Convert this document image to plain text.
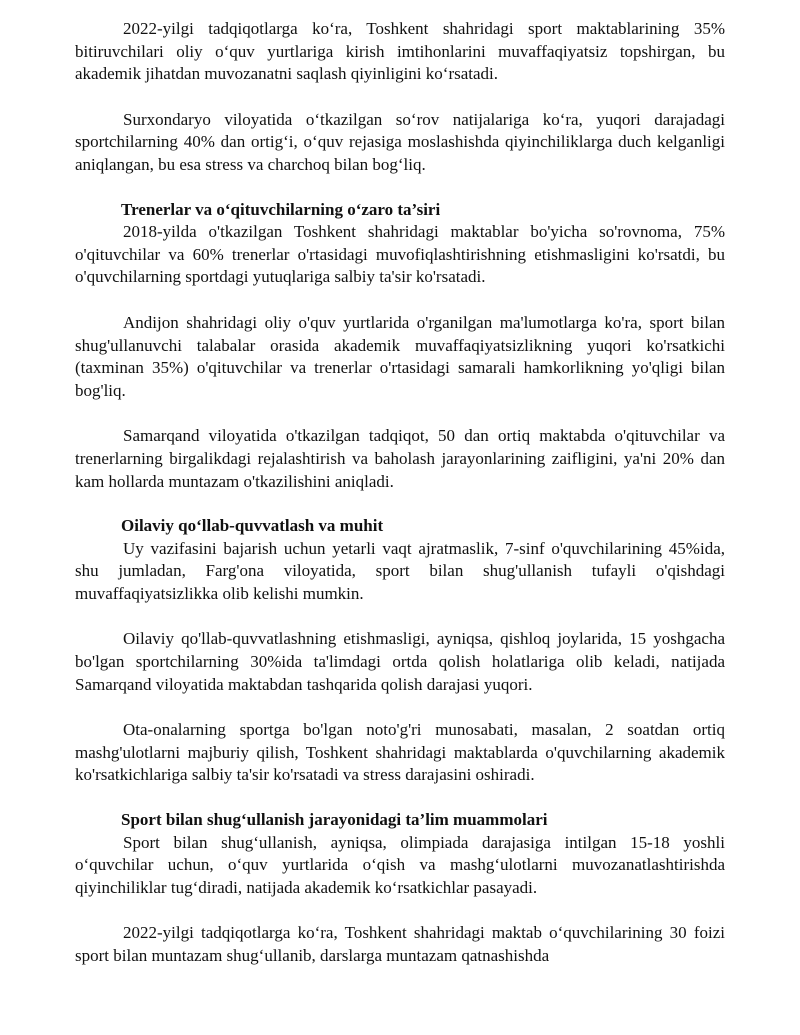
2022-yilgi tadqiqotlarga ko‘ra, Toshkent shahridagi sport maktablarining 35% bitiruvchilari oliy o‘quv yurtlariga kirish imtihonlarini muvaffaqiyatsiz topshirgan, bu akademik jihatdan muvozanatni saqlash qiyinligini ko‘rsatadi.

Surxondaryo viloyatida o‘tkazilgan so‘rov natijalariga ko‘ra, yuqori darajadagi sportchilarning 40% dan ortig‘i, o‘quv rejasiga moslashishda qiyinchiliklarga duch kelganligi aniqlangan, bu esa stress va charchoq bilan bog‘liq.

Trenerlar va o‘qituvchilarning o‘zaro ta’siri

2018-yilda o'tkazilgan Toshkent shahridagi maktablar bo'yicha so'rovnoma, 75% o'qituvchilar va 60% trenerlar o'rtasidagi muvofiqlashtirishning etishmasligini ko'rsatdi, bu o'quvchilarning sportdagi yutuqlariga salbiy ta'sir ko'rsatadi.

Andijon shahridagi oliy o'quv yurtlarida o'rganilgan ma'lumotlarga ko'ra, sport bilan shug'ullanuvchi talabalar orasida akademik muvaffaqiyatsizlikning yuqori ko'rsatkichi (taxminan 35%) o'qituvchilar va trenerlar o'rtasidagi samarali hamkorlikning yo'qligi bilan bog'liq.

Samarqand viloyatida o'tkazilgan tadqiqot, 50 dan ortiq maktabda o'qituvchilar va trenerlarning birgalikdagi rejalashtirish va baholash jarayonlarining zaifligini, ya'ni 20% dan kam hollarda muntazam o'tkazilishini aniqladi.

Oilaviy qo‘llab-quvvatlash va muhit

Uy vazifasini bajarish uchun yetarli vaqt ajratmaslik, 7-sinf o'quvchilarining 45%ida, shu jumladan, Farg'ona viloyatida, sport bilan shug'ullanish tufayli o'qishdagi muvaffaqiyatsizlikka olib kelishi mumkin.

Oilaviy qo'llab-quvvatlashning etishmasligi, ayniqsa, qishloq joylarida, 15 yoshgacha bo'lgan sportchilarning 30%ida ta'limdagi ortda qolish holatlariga olib keladi, natijada Samarqand viloyatida maktabdan tashqarida qolish darajasi yuqori.

Ota-onalarning sportga bo'lgan noto'g'ri munosabati, masalan, 2 soatdan ortiq mashg'ulotlarni majburiy qilish, Toshkent shahridagi maktablarda o'quvchilarning akademik ko'rsatkichlariga salbiy ta'sir ko'rsatadi va stress darajasini oshiradi.

Sport bilan shug‘ullanish jarayonidagi ta’lim muammolari

Sport bilan shug‘ullanish, ayniqsa, olimpiada darajasiga intilgan 15-18 yoshli o‘quvchilar uchun, o‘quv yurtlarida o‘qish va mashg‘ulotlarni muvozanatlashtirishda qiyinchiliklar tug‘diradi, natijada akademik ko‘rsatkichlar pasayadi.

2022-yilgi tadqiqotlarga ko‘ra, Toshkent shahridagi maktab o‘quvchilarining 30 foizi sport bilan muntazam shug‘ullanib, darslarga muntazam qatnashishda
